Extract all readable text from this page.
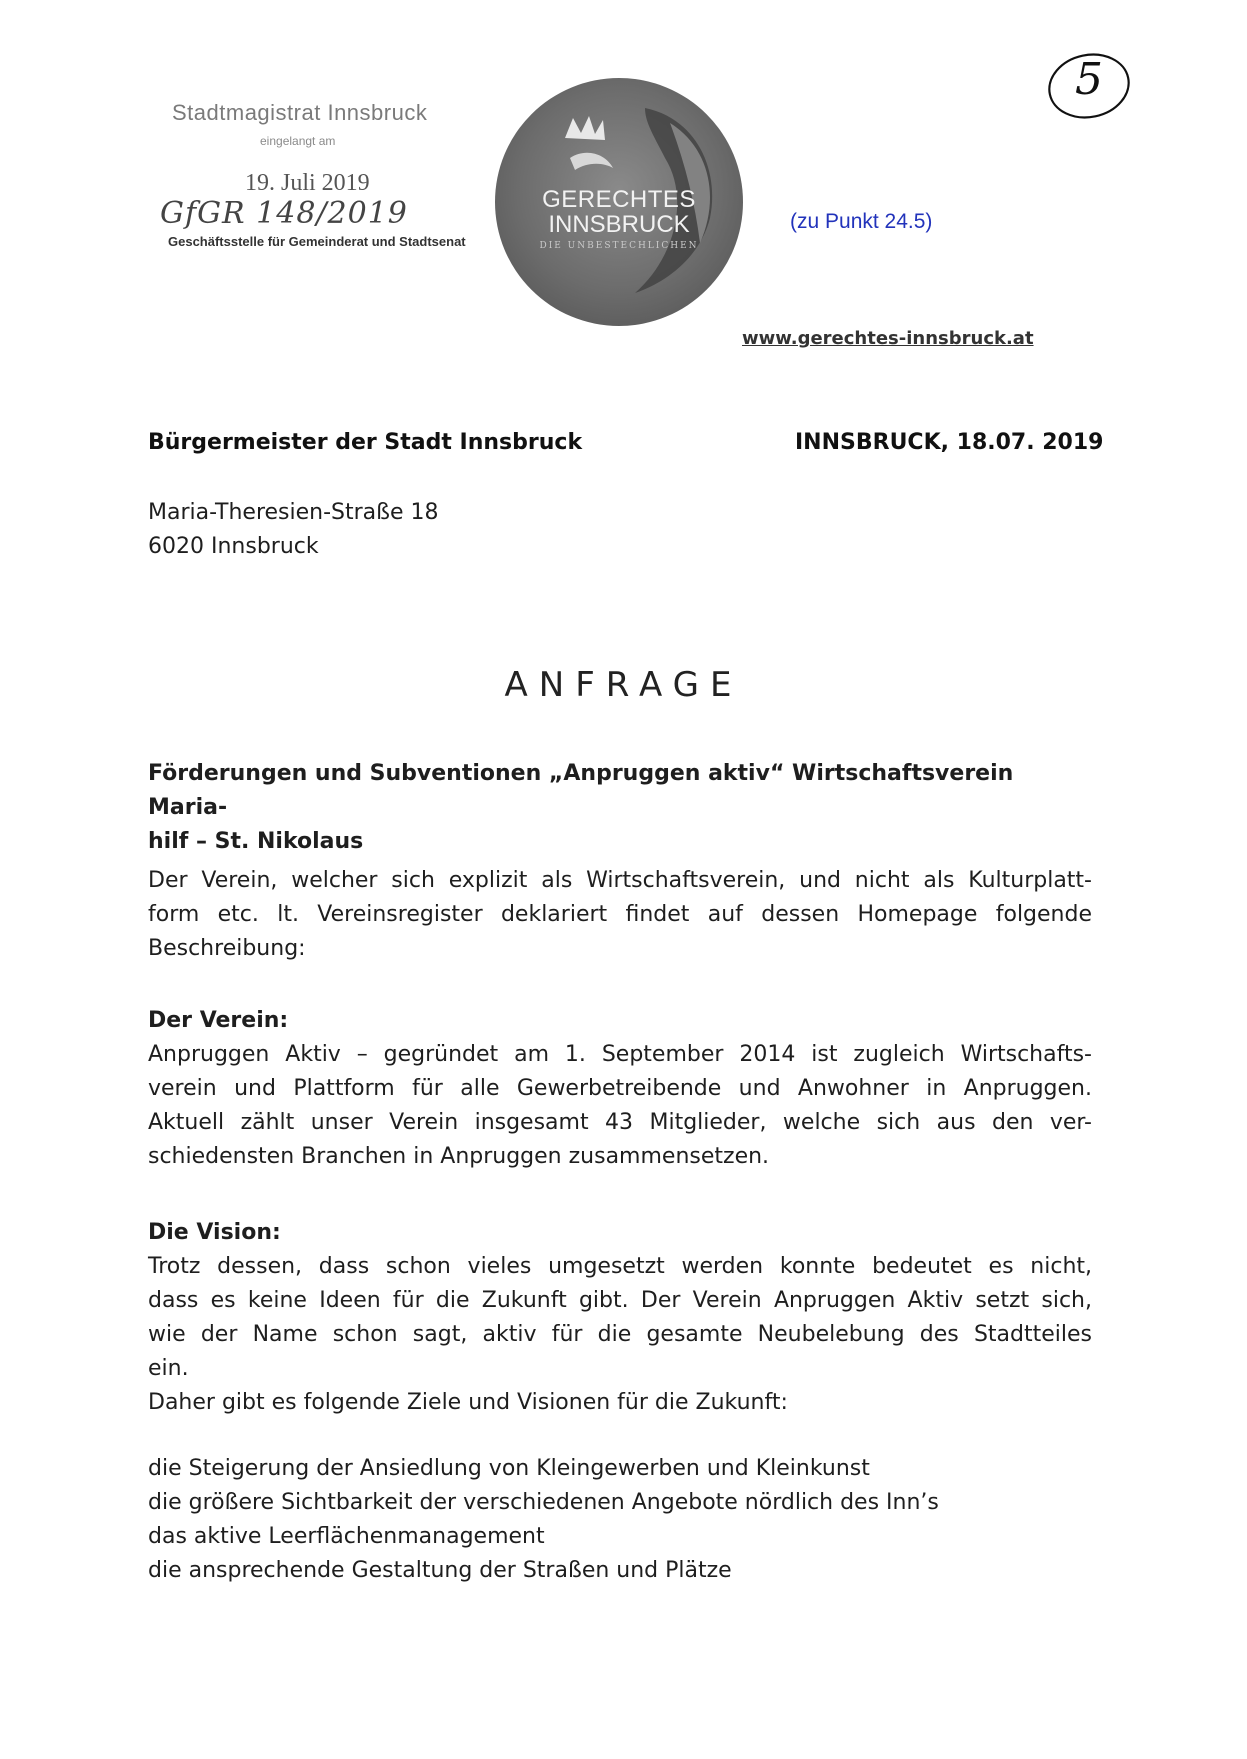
Stadtmagistrat Innsbruck
eingelangt am
19. Juli 2019
GfGR 148/2019
Geschäftsstelle für Gemeinderat und Stadtsenat
GERECHTES
INNSBRUCK
DIE UNBESTECHLICHEN
5
(zu Punkt 24.5)
www.gerechtes-innsbruck.at
Bürgermeister der Stadt Innsbruck	INNSBRUCK, 18.07. 2019
Maria-Theresien-Straße 18
6020 Innsbruck
ANFRAGE
Förderungen und Subventionen „Anpruggen aktiv“ Wirtschaftsverein Maria-
hilf – St. Nikolaus
Der Verein, welcher sich explizit als Wirtschaftsverein, und nicht als Kulturplatt-
form etc. lt. Vereinsregister deklariert findet auf dessen Homepage folgende
Beschreibung:
Der Verein:
Anpruggen Aktiv – gegründet am 1. September 2014 ist zugleich Wirtschafts-
verein und Plattform für alle Gewerbetreibende und Anwohner in Anpruggen.
Aktuell zählt unser Verein insgesamt 43 Mitglieder, welche sich aus den ver-
schiedensten Branchen in Anpruggen zusammensetzen.
Die Vision:
Trotz dessen, dass schon vieles umgesetzt werden konnte bedeutet es nicht,
dass es keine Ideen für die Zukunft gibt. Der Verein Anpruggen Aktiv setzt sich,
wie der Name schon sagt, aktiv für die gesamte Neubelebung des Stadtteiles
ein.
Daher gibt es folgende Ziele und Visionen für die Zukunft:
die Steigerung der Ansiedlung von Kleingewerben und Kleinkunst
die größere Sichtbarkeit der verschiedenen Angebote nördlich des Inn’s
das aktive Leerflächenmanagement
die ansprechende Gestaltung der Straßen und Plätze
